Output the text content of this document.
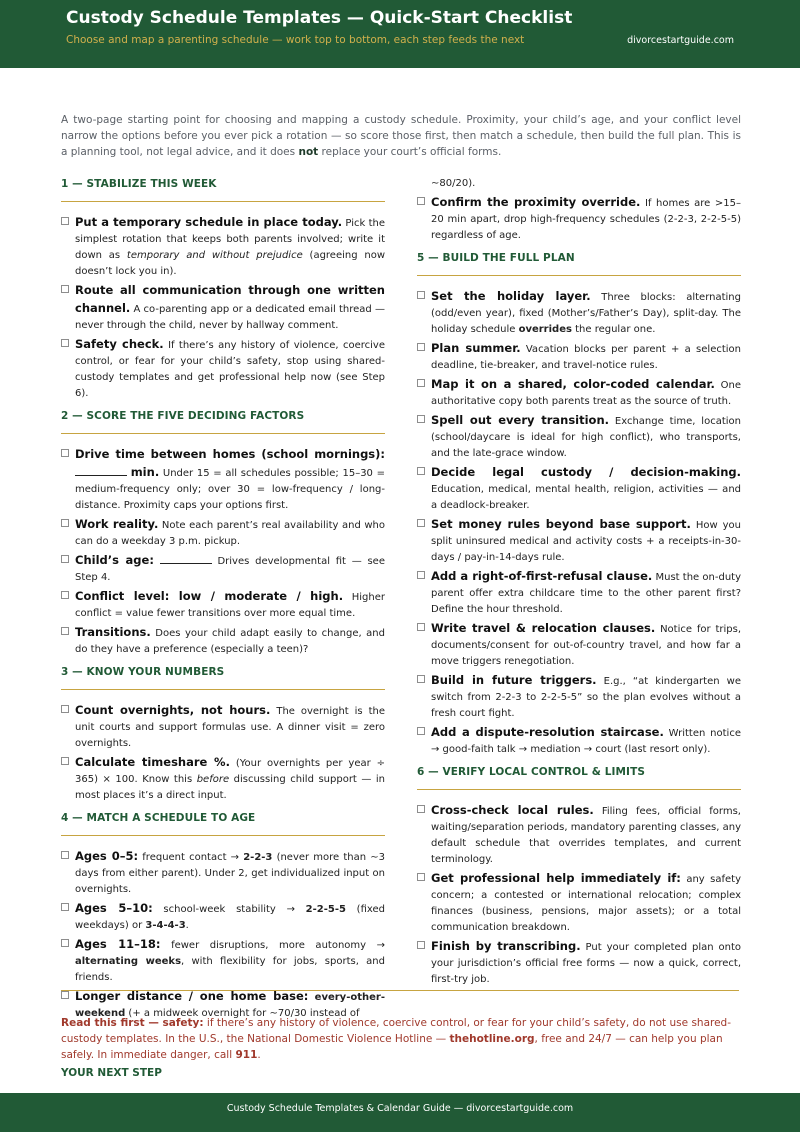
Custody Schedule Templates — Quick-Start Checklist
Choose and map a parenting schedule — work top to bottom, each step feeds the next	divorcestartguide.com
A two-page starting point for choosing and mapping a custody schedule. Proximity, your child’s age, and your conflict level narrow the options before you ever pick a rotation — so score those first, then match a schedule, then build the full plan. This is a planning tool, not legal advice, and it does not replace your court’s official forms.
1 — STABILIZE THIS WEEK
Put a temporary schedule in place today. Pick the simplest rotation that keeps both parents involved; write it down as temporary and without prejudice (agreeing now doesn’t lock you in).
Route all communication through one written channel. A co-parenting app or a dedicated email thread — never through the child, never by hallway comment.
Safety check. If there’s any history of violence, coercive control, or fear for your child’s safety, stop using shared-custody templates and get professional help now (see Step 6).
2 — SCORE THE FIVE DECIDING FACTORS
Drive time between homes (school mornings):  min. Under 15 = all schedules possible; 15–30 = medium-frequency only; over 30 = low-frequency / long-distance. Proximity caps your options first.
Work reality. Note each parent’s real availability and who can do a weekday 3 p.m. pickup.
Child’s age:	Drives developmental fit — see Step 4.
Conflict level: low / moderate / high. Higher conflict = value fewer transitions over more equal time.
Transitions. Does your child adapt easily to change, and do they have a preference (especially a teen)?
3 — KNOW YOUR NUMBERS
Count overnights, not hours. The overnight is the unit courts and support formulas use. A dinner visit = zero overnights.
Calculate timeshare %. (Your overnights per year ÷ 365) × 100. Know this before discussing child support — in most places it’s a direct input.
4 — MATCH A SCHEDULE TO AGE
Ages 0–5: frequent contact → 2-2-3 (never more than ∼3 days from either parent). Under 2, get individualized input on overnights.
Ages 5–10: school-week stability → 2-2-5-5 (fixed weekdays) or 3-4-4-3.
Ages 11–18: fewer disruptions, more autonomy → alternating weeks, with flexibility for jobs, sports, and friends.
Longer distance / one home base: every-other-weekend (+ a midweek overnight for ∼70/30 instead of
∼80/20).
Confirm the proximity override. If homes are >15–20 min apart, drop high-frequency schedules (2-2-3, 2-2-5-5) regardless of age.
5 — BUILD THE FULL PLAN
Set the holiday layer. Three blocks: alternating (odd/even year), fixed (Mother’s/Father’s Day), split-day. The holiday schedule overrides the regular one.
Plan summer. Vacation blocks per parent + a selection deadline, tie-breaker, and travel-notice rules.
Map it on a shared, color-coded calendar. One authoritative copy both parents treat as the source of truth.
Spell out every transition. Exchange time, location (school/daycare is ideal for high conflict), who transports, and the late-grace window.
Decide legal custody / decision-making. Education, medical, mental health, religion, activities — and a deadlock-breaker.
Set money rules beyond base support. How you split uninsured medical and activity costs + a receipts-in-30-days / pay-in-14-days rule.
Add a right-of-first-refusal clause. Must the on-duty parent offer extra childcare time to the other parent first? Define the hour threshold.
Write travel & relocation clauses. Notice for trips, documents/consent for out-of-country travel, and how far a move triggers renegotiation.
Build in future triggers. E.g., “at kindergarten we switch from 2-2-3 to 2-2-5-5” so the plan evolves without a fresh court fight.
Add a dispute-resolution staircase. Written notice → good-faith talk → mediation → court (last resort only).
6 — VERIFY LOCAL CONTROL & LIMITS
Cross-check local rules. Filing fees, official forms, waiting/separation periods, mandatory parenting classes, any default schedule that overrides templates, and current terminology.
Get professional help immediately if: any safety concern; a contested or international relocation; complex finances (business, pensions, major assets); or a total communication breakdown.
Finish by transcribing. Put your completed plan onto your jurisdiction’s official free forms — now a quick, correct, first-try job.
Read this first — safety: if there’s any history of violence, coercive control, or fear for your child’s safety, do not use shared-custody templates. In the U.S., the National Domestic Violence Hotline — thehotline.org, free and 24/7 — can help you plan safely. In immediate danger, call 911.
YOUR NEXT STEP
Custody Schedule Templates & Calendar Guide — divorcestartguide.com
